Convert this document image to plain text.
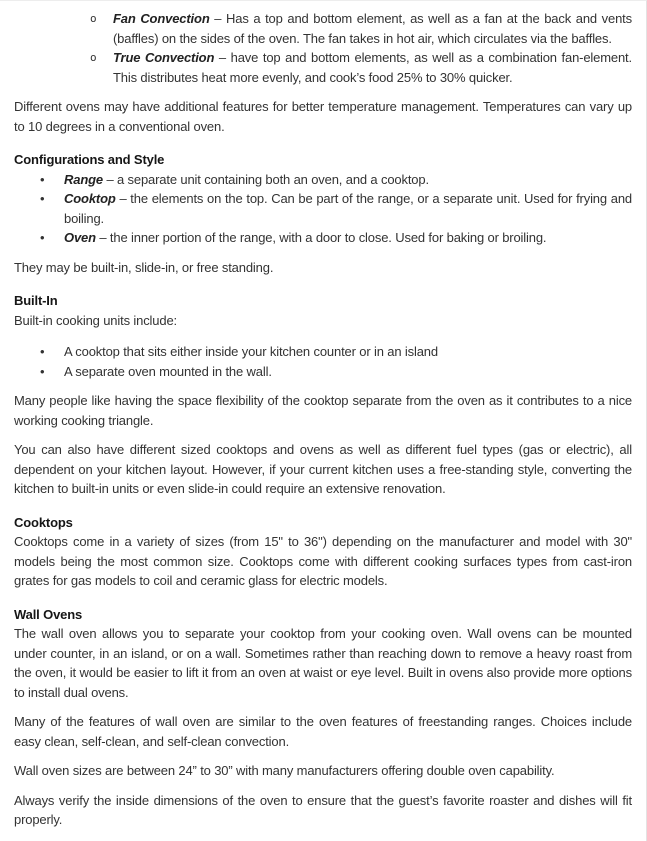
o	Fan Convection – Has a top and bottom element, as well as a fan at the back and vents (baffles) on the sides of the oven. The fan takes in hot air, which circulates via the baffles.
o	True Convection – have top and bottom elements, as well as a combination fan-element. This distributes heat more evenly, and cook’s food 25% to 30% quicker.

Different ovens may have additional features for better temperature management. Temperatures can vary up to 10 degrees in a conventional oven.

Configurations and Style
•	Range – a separate unit containing both an oven, and a cooktop.
•	Cooktop – the elements on the top. Can be part of the range, or a separate unit. Used for frying and boiling.
•	Oven – the inner portion of the range, with a door to close. Used for baking or broiling.

They may be built-in, slide-in, or free standing.

Built-In

Built-in cooking units include:

•	A cooktop that sits either inside your kitchen counter or in an island
•	A separate oven mounted in the wall.

Many people like having the space flexibility of the cooktop separate from the oven as it contributes to a nice working cooking triangle.

You can also have different sized cooktops and ovens as well as different fuel types (gas or electric), all dependent on your kitchen layout. However, if your current kitchen uses a free-standing style, converting the kitchen to built-in units or even slide-in could require an extensive renovation.

Cooktops

Cooktops come in a variety of sizes (from 15" to 36") depending on the manufacturer and model with 30" models being the most common size. Cooktops come with different cooking surfaces types from cast-iron grates for gas models to coil and ceramic glass for electric models.

Wall Ovens

The wall oven allows you to separate your cooktop from your cooking oven. Wall ovens can be mounted under counter, in an island, or on a wall. Sometimes rather than reaching down to remove a heavy roast from the oven, it would be easier to lift it from an oven at waist or eye level. Built in ovens also provide more options to install dual ovens.

Many of the features of wall oven are similar to the oven features of freestanding ranges. Choices include easy clean, self-clean, and self-clean convection.

Wall oven sizes are between 24” to 30” with many manufacturers offering double oven capability.

Always verify the inside dimensions of the oven to ensure that the guest’s favorite roaster and dishes will fit properly.
